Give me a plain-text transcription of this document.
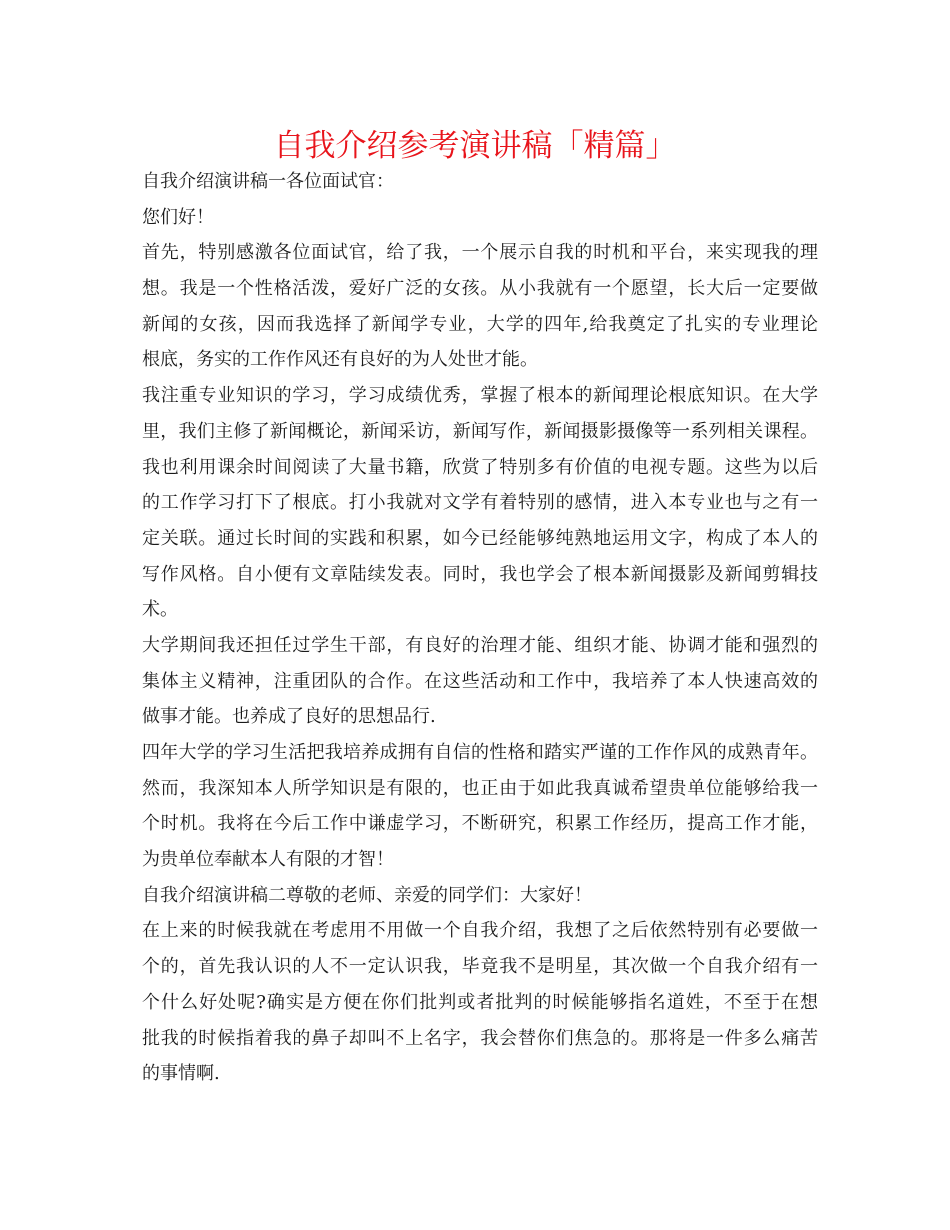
自我介绍参考演讲稿「精篇」
自我介绍演讲稿一各位面试官：
您们好！
首先，特别感激各位面试官，给了我，一个展示自我的时机和平台，来实现我的理
想。我是一个性格活泼，爱好广泛的女孩。从小我就有一个愿望，长大后一定要做
新闻的女孩，因而我选择了新闻学专业，大学的四年,给我奠定了扎实的专业理论
根底，务实的工作作风还有良好的为人处世才能。
我注重专业知识的学习，学习成绩优秀，掌握了根本的新闻理论根底知识。在大学
里，我们主修了新闻概论，新闻采访，新闻写作，新闻摄影摄像等一系列相关课程。
我也利用课余时间阅读了大量书籍，欣赏了特别多有价值的电视专题。这些为以后
的工作学习打下了根底。打小我就对文学有着特别的感情，进入本专业也与之有一
定关联。通过长时间的实践和积累，如今已经能够纯熟地运用文字，构成了本人的
写作风格。自小便有文章陆续发表。同时，我也学会了根本新闻摄影及新闻剪辑技
术。
大学期间我还担任过学生干部，有良好的治理才能、组织才能、协调才能和强烈的
集体主义精神，注重团队的合作。在这些活动和工作中，我培养了本人快速高效的
做事才能。也养成了良好的思想品行.
四年大学的学习生活把我培养成拥有自信的性格和踏实严谨的工作作风的成熟青年。
然而，我深知本人所学知识是有限的，也正由于如此我真诚希望贵单位能够给我一
个时机。我将在今后工作中谦虚学习，不断研究，积累工作经历，提高工作才能，
为贵单位奉献本人有限的才智！
自我介绍演讲稿二尊敬的老师、亲爱的同学们：大家好！
在上来的时候我就在考虑用不用做一个自我介绍，我想了之后依然特别有必要做一
个的，首先我认识的人不一定认识我，毕竟我不是明星，其次做一个自我介绍有一
个什么好处呢?确实是方便在你们批判或者批判的时候能够指名道姓，不至于在想
批我的时候指着我的鼻子却叫不上名字，我会替你们焦急的。那将是一件多么痛苦
的事情啊.
